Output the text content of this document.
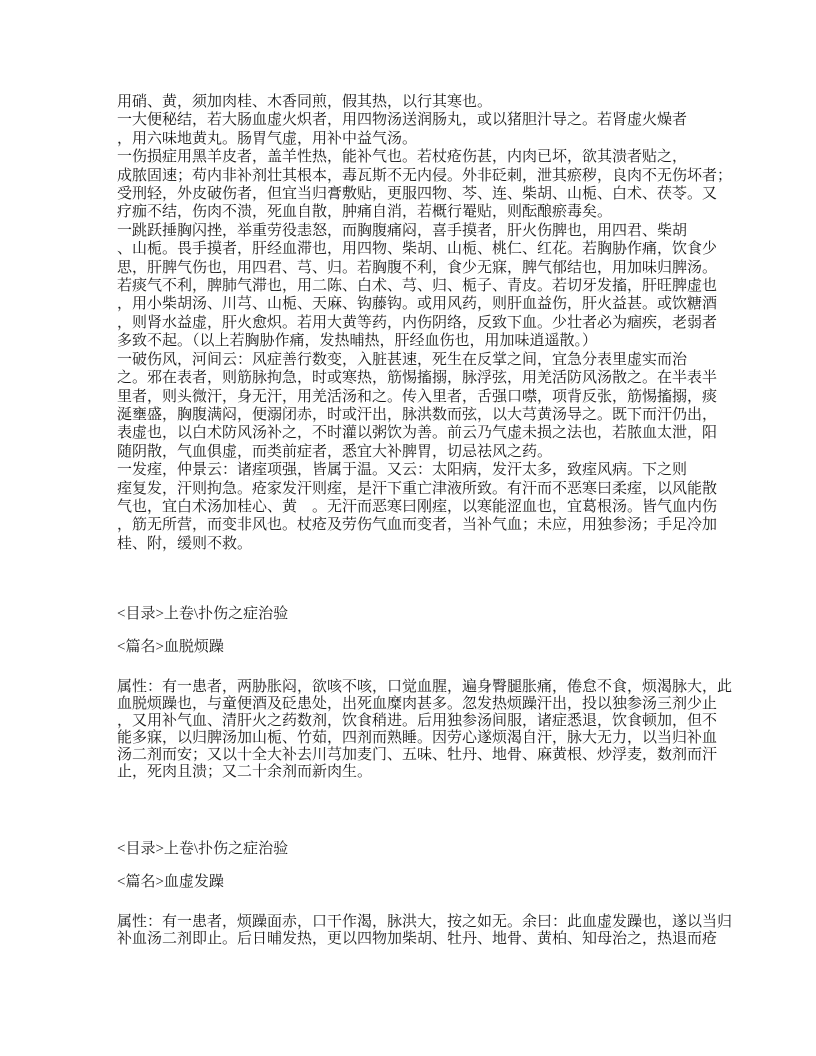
用硝、黄，须加肉桂、木香同煎，假其热，以行其寒也。
一大便秘结，若大肠血虚火炽者，用四物汤送润肠丸，或以猪胆汁导之。若肾虚火燥者
，用六味地黄丸。肠胃气虚，用补中益气汤。
一伤损症用黑羊皮者，盖羊性热，能补气也。若杖疮伤甚，内肉已坏，欲其溃者贴之，
成脓固速；苟内非补剂壮其根本，毒瓦斯不无内侵。外非砭刺，泄其瘀秽，良肉不无伤坏者；
受刑轻，外皮破伤者，但宜当归膏敷贴，更服四物、芩、连、柴胡、山栀、白术、茯苓。又
疗痂不结，伤肉不溃，死血自散，肿痛自消，若概行罨贴，则酝酿瘀毒矣。
一跳跃捶胸闪挫，举重劳役恚怒，而胸腹痛闷，喜手摸者，肝火伤脾也，用四君、柴胡
、山栀。畏手摸者，肝经血滞也，用四物、柴胡、山栀、桃仁、红花。若胸胁作痛，饮食少
思，肝脾气伤也，用四君、芎、归。若胸腹不利，食少无寐，脾气郁结也，用加味归脾汤。
若痰气不利，脾肺气滞也，用二陈、白术、芎、归、栀子、青皮。若切牙发搐，肝旺脾虚也
，用小柴胡汤、川芎、山栀、天麻、钩藤钩。或用风药，则肝血益伤，肝火益甚。或饮糖酒
，则肾水益虚，肝火愈炽。若用大黄等药，内伤阴络，反致下血。少壮者必为痼疾，老弱者
多致不起。（以上若胸胁作痛，发热晡热，肝经血伤也，用加味逍遥散。）
一破伤风，河间云：风症善行数变，入脏甚速，死生在反掌之间，宜急分表里虚实而治
之。邪在表者，则筋脉拘急，时或寒热，筋惕搐搦，脉浮弦，用羌活防风汤散之。在半表半
里者，则头微汗，身无汗，用羌活汤和之。传入里者，舌强口噤，项背反张，筋惕搐搦，痰
涎壅盛，胸腹满闷，便溺闭赤，时或汗出，脉洪数而弦，以大芎黄汤导之。既下而汗仍出，
表虚也，以白术防风汤补之，不时灌以粥饮为善。前云乃气虚未损之法也，若脓血太泄，阳
随阴散，气血俱虚，而类前症者，悉宜大补脾胃，切忌祛风之药。
一发痓，仲景云：诸痓项强，皆属于温。又云：太阳病，发汗太多，致痓风病。下之则
痓复发，汗则拘急。疮家发汗则痓，是汗下重亡津液所致。有汗而不恶寒曰柔痓，以风能散
气也，宜白术汤加桂心、黄　。无汗而恶寒曰刚痓，以寒能涩血也，宜葛根汤。皆气血内伤
，筋无所营，而变非风也。杖疮及劳伤气血而变者，当补气血；未应，用独参汤；手足冷加
桂、附，缓则不救。
<目录>上卷\扑伤之症治验
<篇名>血脱烦躁
属性：有一患者，两胁胀闷，欲咳不咳，口觉血腥，遍身臀腿胀痛，倦怠不食，烦渴脉大，此
血脱烦躁也，与童便酒及砭患处，出死血糜肉甚多。忽发热烦躁汗出，投以独参汤三剂少止
，又用补气血、清肝火之药数剂，饮食稍进。后用独参汤间服，诸症悉退，饮食顿加，但不
能多寐，以归脾汤加山栀、竹茹，四剂而熟睡。因劳心遂烦渴自汗，脉大无力，以当归补血
汤二剂而安；又以十全大补去川芎加麦门、五味、牡丹、地骨、麻黄根、炒浮麦，数剂而汗
止，死肉且溃；又二十余剂而新肉生。
<目录>上卷\扑伤之症治验
<篇名>血虚发躁
属性：有一患者，烦躁面赤，口干作渴，脉洪大，按之如无。余曰：此血虚发躁也，遂以当归
补血汤二剂即止。后日晡发热，更以四物加柴胡、牡丹、地骨、黄柏、知母治之，热退而疮
